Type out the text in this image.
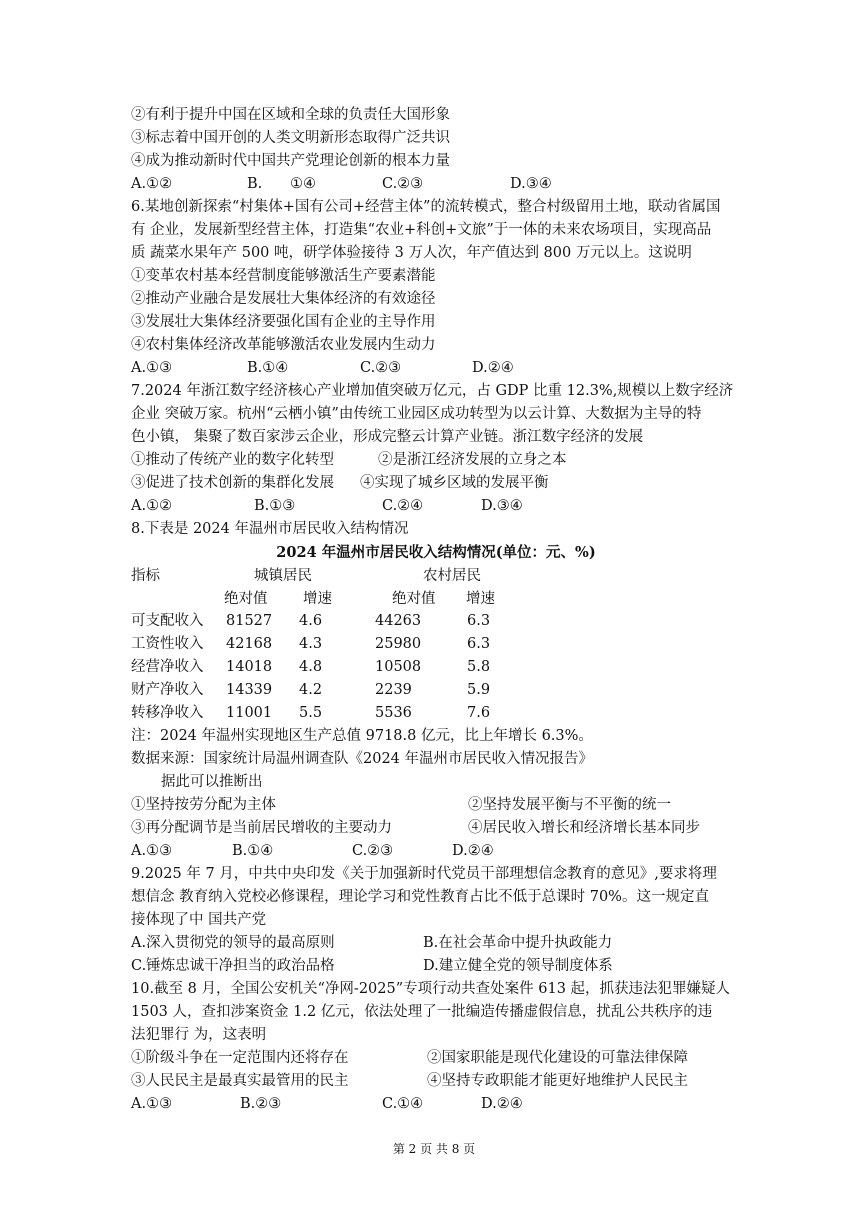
②有利于提升中国在区域和全球的负责任大国形象
③标志着中国开创的人类文明新形态取得广泛共识
④成为推动新时代中国共产党理论创新的根本力量
A.①②	B. ①④	C.②③	D.③④
6.某地创新探索“村集体+国有公司+经营主体”的流转模式，整合村级留用土地，联动省属国
有 企业，发展新型经营主体，打造集“农业+科创+文旅”于一体的未来农场项目，实现高品
质 蔬菜水果年产 500 吨，研学体验接待 3 万人次，年产值达到 800 万元以上。这说明
①变革农村基本经营制度能够激活生产要素潜能
②推动产业融合是发展壮大集体经济的有效途径
③发展壮大集体经济要强化国有企业的主导作用
④农村集体经济改革能够激活农业发展内生动力
A.①③	B.①④	C.②③	D.②④
7.2024 年浙江数字经济核心产业增加值突破万亿元，占 GDP 比重 12.3%,规模以上数字经济
企业 突破万家。杭州“云栖小镇”由传统工业园区成功转型为以云计算、大数据为主导的特
色小镇， 集聚了数百家涉云企业，形成完整云计算产业链。浙江数字经济的发展
①推动了传统产业的数字化转型	②是浙江经济发展的立身之本
③促进了技术创新的集群化发展 ④实现了城乡区域的发展平衡
A.①②	B.①③	C.②④	D.③④
8.下表是 2024 年温州市居民收入结构情况
2024 年温州市居民收入结构情况(单位：元、%)
指标	城镇居民	农村居民
绝对值 增速	绝对值 增速
可支配收入 81527 4.6	44263	6.3
工资性收入 42168 4.3	25980	6.3
经营净收入 14018 4.8	10508	5.8
财产净收入 14339 4.2	2239	5.9
转移净收入 11001 5.5	5536	7.6
注：2024 年温州实现地区生产总值 9718.8 亿元，比上年增长 6.3%。
数据来源：国家统计局温州调查队《2024 年温州市居民收入情况报告》
据此可以推断出
①坚持按劳分配为主体	②坚持发展平衡与不平衡的统一
③再分配调节是当前居民增收的主要动力	④居民收入增长和经济增长基本同步
A.①③	B.①④	C.②③	D.②④
9.2025 年 7 月，中共中央印发《关于加强新时代党员干部理想信念教育的意见》,要求将理
想信念 教育纳入党校必修课程，理论学习和党性教育占比不低于总课时 70%。这一规定直
接体现了中 国共产党
A.深入贯彻党的领导的最高原则	B.在社会革命中提升执政能力
C.锤炼忠诚干净担当的政治品格	D.建立健全党的领导制度体系
10.截至 8 月，全国公安机关“净网-2025”专项行动共查处案件 613 起，抓获违法犯罪嫌疑人
1503 人，查扣涉案资金 1.2 亿元，依法处理了一批编造传播虚假信息，扰乱公共秩序的违
法犯罪行 为，这表明
①阶级斗争在一定范围内还将存在	②国家职能是现代化建设的可靠法律保障
③人民民主是最真实最管用的民主	④坚持专政职能才能更好地维护人民民主
A.①③	B.②③	C.①④	D.②④
第 2 页 共 8 页
